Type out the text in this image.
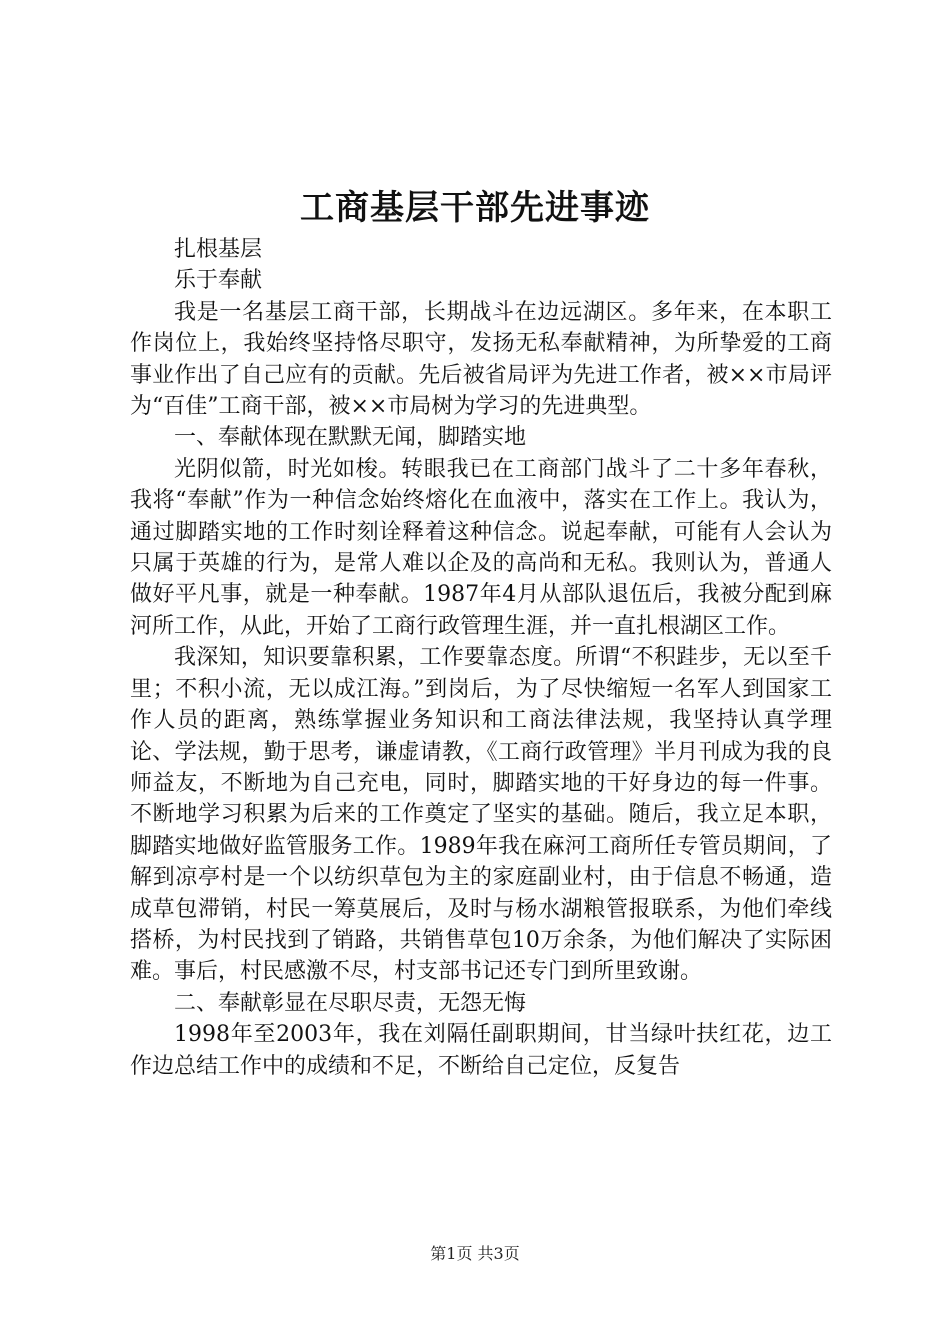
工商基层干部先进事迹

扎根基层

乐于奉献

我是一名基层工商干部，长期战斗在边远湖区。多年来，在本职工作岗位上，我始终坚持恪尽职守，发扬无私奉献精神，为所挚爱的工商事业作出了自己应有的贡献。先后被省局评为先进工作者，被××市局评为“百佳”工商干部，被××市局树为学习的先进典型。

一、奉献体现在默默无闻，脚踏实地

光阴似箭，时光如梭。转眼我已在工商部门战斗了二十多年春秋，我将“奉献”作为一种信念始终熔化在血液中，落实在工作上。我认为，通过脚踏实地的工作时刻诠释着这种信念。说起奉献，可能有人会认为只属于英雄的行为，是常人难以企及的高尚和无私。我则认为，普通人做好平凡事，就是一种奉献。1987年4月从部队退伍后，我被分配到麻河所工作，从此，开始了工商行政管理生涯，并一直扎根湖区工作。

我深知，知识要靠积累，工作要靠态度。所谓“不积跬步，无以至千里；不积小流，无以成江海。”到岗后，为了尽快缩短一名军人到国家工作人员的距离，熟练掌握业务知识和工商法律法规，我坚持认真学理论、学法规，勤于思考，谦虚请教，《工商行政管理》半月刊成为我的良师益友，不断地为自己充电，同时，脚踏实地的干好身边的每一件事。不断地学习积累为后来的工作奠定了坚实的基础。随后，我立足本职，脚踏实地做好监管服务工作。1989年我在麻河工商所任专管员期间，了解到凉亭村是一个以纺织草包为主的家庭副业村，由于信息不畅通，造成草包滞销，村民一筹莫展后，及时与杨水湖粮管报联系，为他们牵线搭桥，为村民找到了销路，共销售草包10万余条，为他们解决了实际困难。事后，村民感激不尽，村支部书记还专门到所里致谢。

二、奉献彰显在尽职尽责，无怨无悔

1998年至2003年，我在刘隔任副职期间，甘当绿叶扶红花，边工作边总结工作中的成绩和不足，不断给自己定位，反复告

第1页 共3页
